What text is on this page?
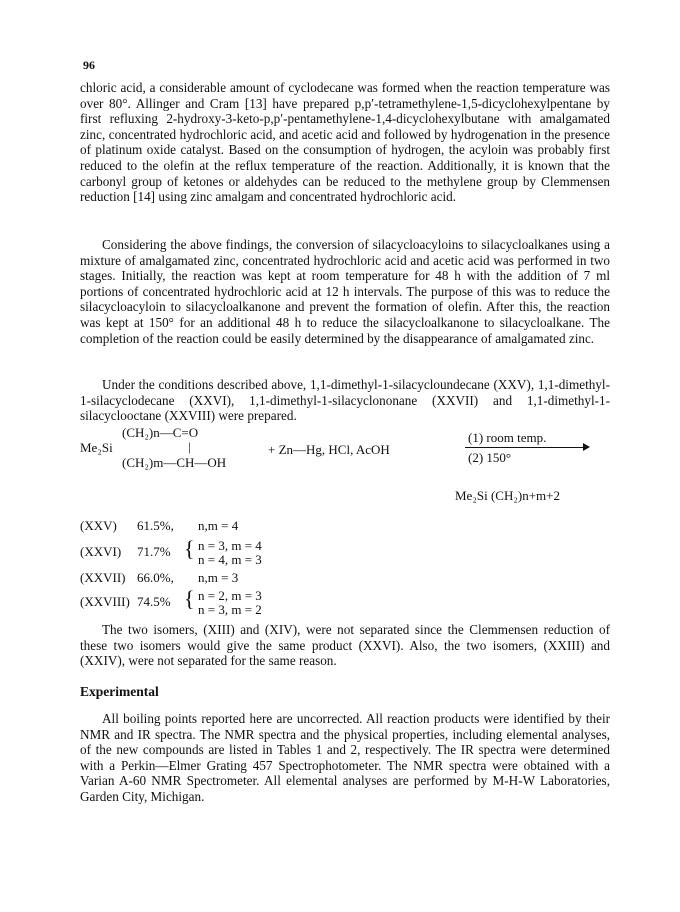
96

chloric acid, a considerable amount of cyclodecane was formed when the reaction temperature was over 80°. Allinger and Cram [13] have prepared p,p′-tetramethylene-1,5-dicyclohexylpentane by first refluxing 2-hydroxy-3-keto-p,p′-pentamethylene-1,4-dicyclohexylbutane with amalgamated zinc, concentrated hydrochloric acid, and acetic acid and followed by hydrogenation in the presence of platinum oxide catalyst. Based on the consumption of hydrogen, the acyloin was probably first reduced to the olefin at the reflux temperature of the reaction. Additionally, it is known that the carbonyl group of ketones or aldehydes can be reduced to the methylene group by Clemmensen reduction [14] using zinc amalgam and concentrated hydrochloric acid.

Considering the above findings, the conversion of silacycloacyloins to silacycloalkanes using a mixture of amalgamated zinc, concentrated hydrochloric acid and acetic acid was performed in two stages. Initially, the reaction was kept at room temperature for 48 h with the addition of 7 ml portions of concentrated hydrochloric acid at 12 h intervals. The purpose of this was to reduce the silacycloacyloin to silacycloalkanone and prevent the formation of olefin. After this, the reaction was kept at 150° for an additional 48 h to reduce the silacycloalkanone to silacycloalkane. The completion of the reaction could be easily determined by the disappearance of amalgamated zinc.

Under the conditions described above, 1,1-dimethyl-1-silacycloundecane (XXV), 1,1-dimethyl-1-silacyclodecane (XXVI), 1,1-dimethyl-1-silacyclononane (XXVII) and 1,1-dimethyl-1-silacyclooctane (XXVIII) were prepared.

(CH₂)n—C=O
Me₂Si	|
(CH₂)m—CH—OH
+ Zn—Hg, HCl, AcOH
(1) room temp.
(2) 150°
Me₂Si (CH₂)n+m+2
(XXV) 61.5%, n,m = 4
(XXVI) 71.7% { n = 3, m = 4
n = 4, m = 3
(XXVII) 66.0%, n,m = 3
(XXVIII) 74.5% { n = 2, m = 3
n = 3, m = 2

The two isomers, (XIII) and (XIV), were not separated since the Clemmensen reduction of these two isomers would give the same product (XXVI). Also, the two isomers, (XXIII) and (XXIV), were not separated for the same reason.

Experimental

All boiling points reported here are uncorrected. All reaction products were identified by their NMR and IR spectra. The NMR spectra and the physical properties, including elemental analyses, of the new compounds are listed in Tables 1 and 2, respectively. The IR spectra were determined with a Perkin—Elmer Grating 457 Spectrophotometer. The NMR spectra were obtained with a Varian A-60 NMR Spectrometer. All elemental analyses are performed by M-H-W Laboratories, Garden City, Michigan.
